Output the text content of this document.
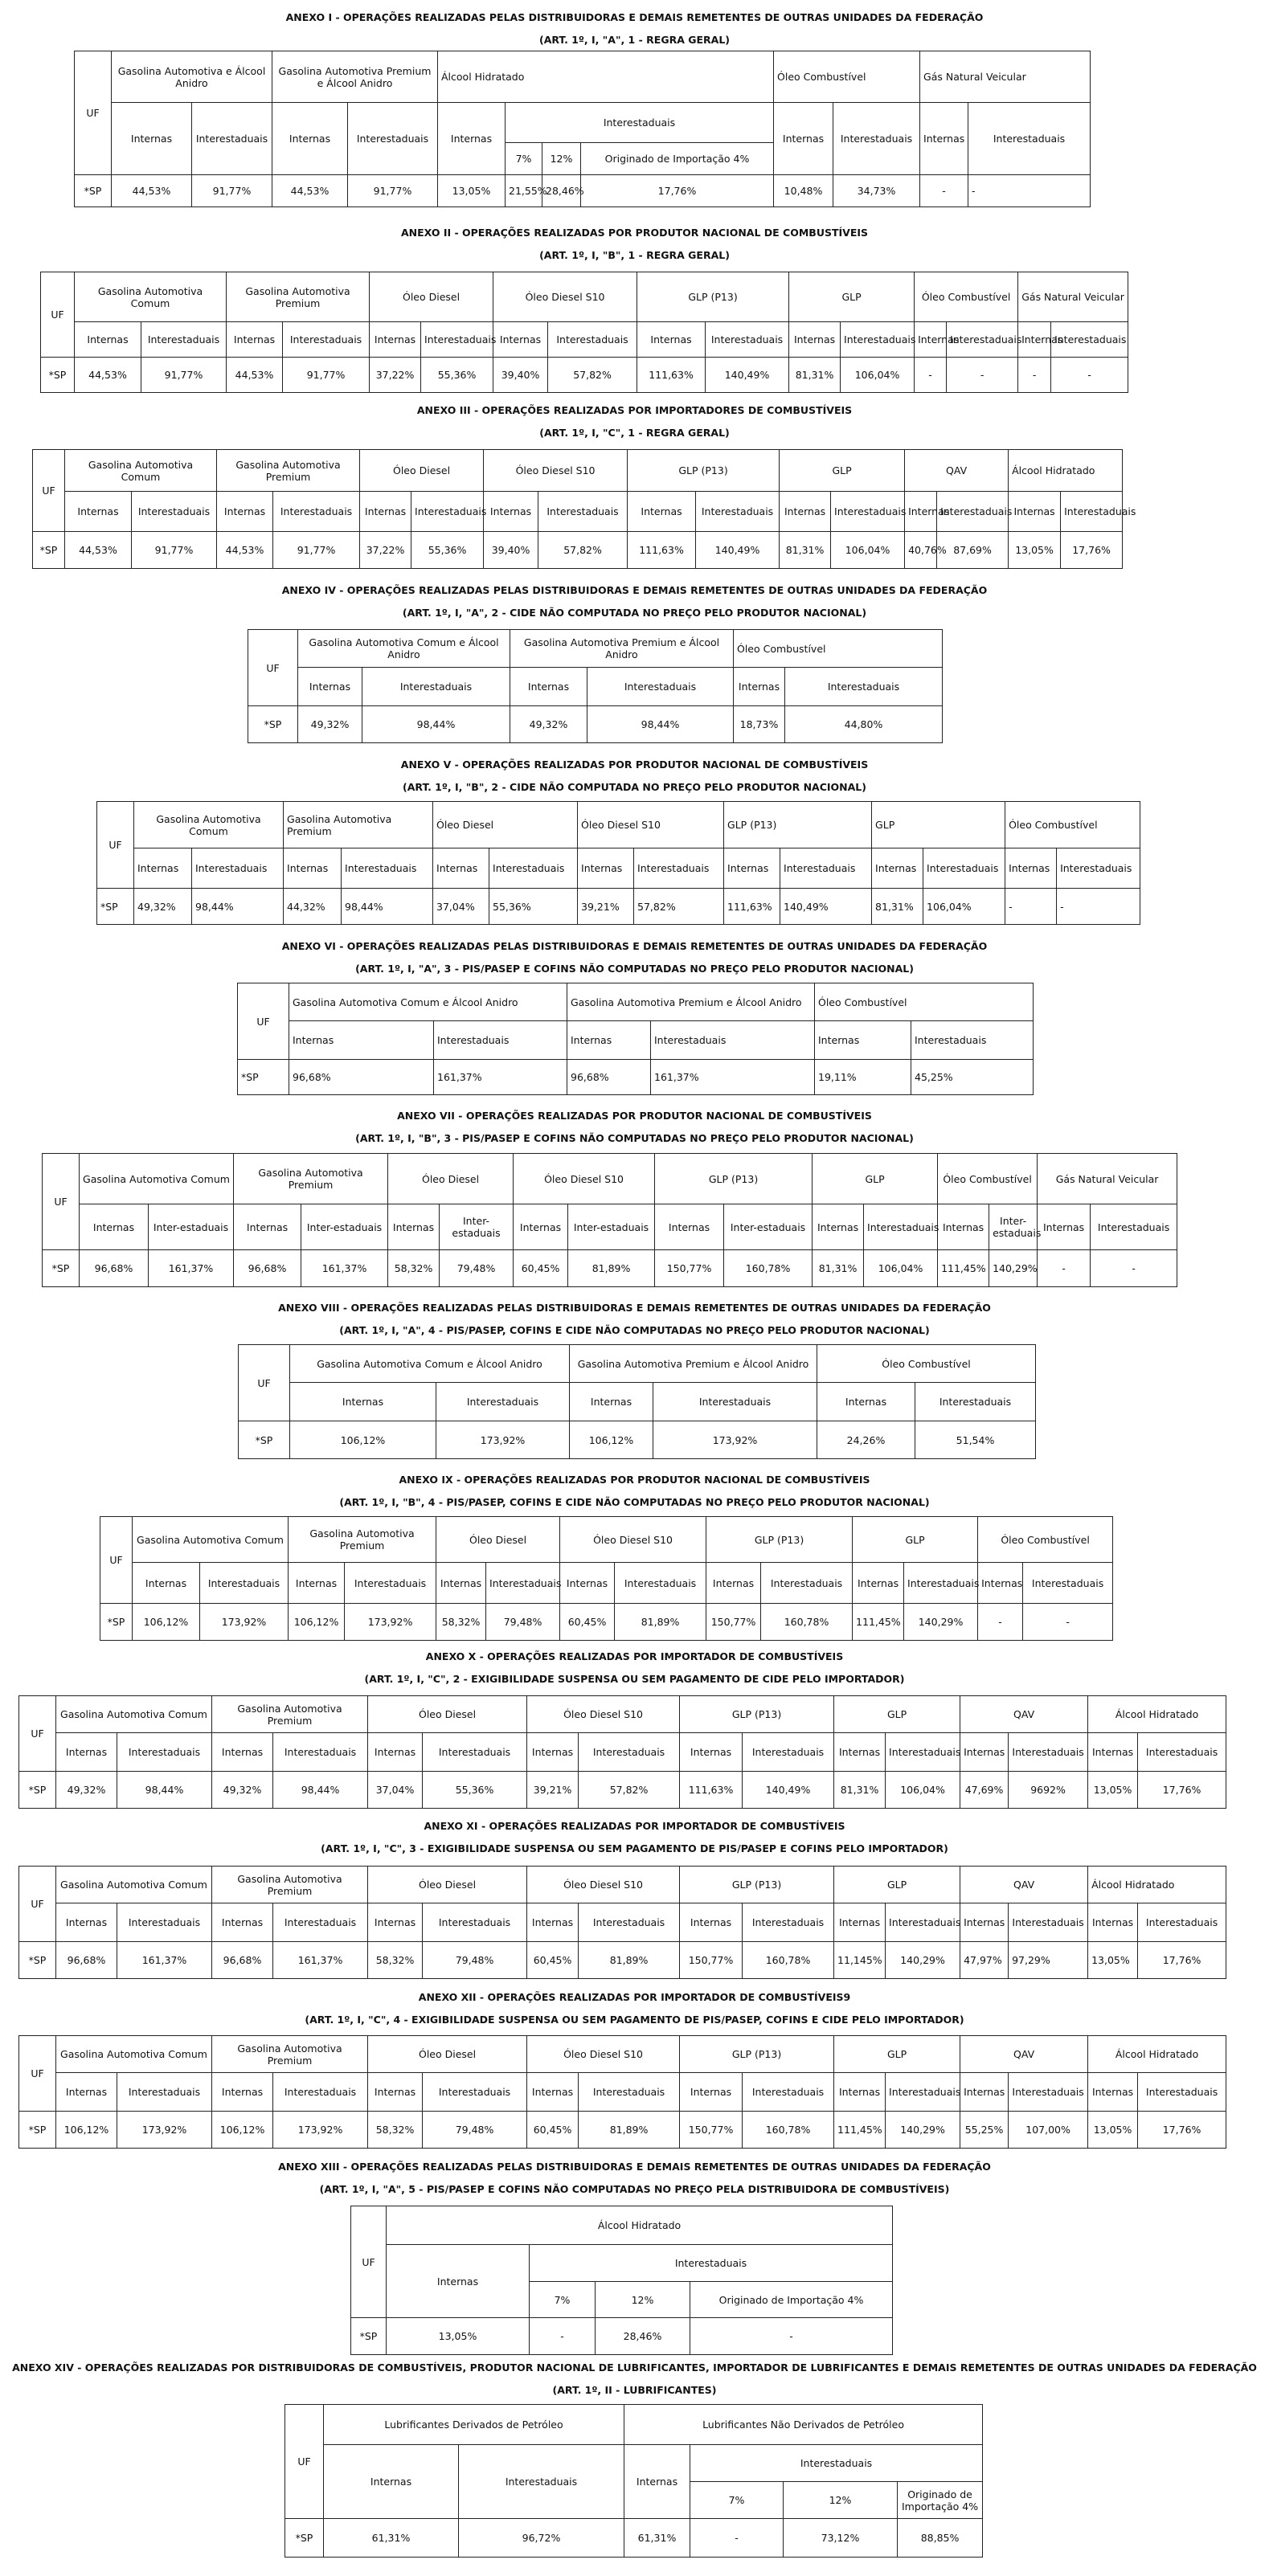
ANEXO I - OPERAÇÕES REALIZADAS PELAS DISTRIBUIDORAS E DEMAIS REMETENTES DE OUTRAS UNIDADES DA FEDERAÇÃO
(ART. 1º, I, "A", 1 - REGRA GERAL)
UF	Gasolina Automotiva e Álcool Anidro		Gasolina Automotiva Premium e Álcool Anidro		Álcool Hidratado				Óleo Combustível		Gás Natural Veicular	
	Internas	Interestaduais	Internas	Interestaduais	Internas	Interestaduais			Internas	Interestaduais	Internas	Interestaduais
						7%	12%	Originado de Importação 4%				
*SP	44,53%	91,77%	44,53%	91,77%	13,05%	21,55%	28,46%	17,76%	10,48%	34,73%	-	-
ANEXO II - OPERAÇÕES REALIZADAS POR PRODUTOR NACIONAL DE COMBUSTÍVEIS
(ART. 1º, I, "B", 1 - REGRA GERAL)
UF	Gasolina Automotiva Comum		Gasolina Automotiva Premium		Óleo Diesel		Óleo Diesel S10		GLP (P13)		GLP		Óleo Combustível		Gás Natural Veicular	
	Internas	Interestaduais	Internas	Interestaduais	Internas	Interestaduais	Internas	Interestaduais	Internas	Interestaduais	Internas	Interestaduais	Internas	Interestaduais	Internas	Interestaduais
*SP	44,53%	91,77%	44,53%	91,77%	37,22%	55,36%	39,40%	57,82%	111,63%	140,49%	81,31%	106,04%	-	-	-	-
ANEXO III - OPERAÇÕES REALIZADAS POR IMPORTADORES DE COMBUSTÍVEIS
(ART. 1º, I, "C", 1 - REGRA GERAL)
UF	Gasolina Automotiva Comum		Gasolina Automotiva Premium		Óleo Diesel		Óleo Diesel S10		GLP (P13)		GLP		QAV		Álcool Hidratado	
	Internas	Interestaduais	Internas	Interestaduais	Internas	Interestaduais	Internas	Interestaduais	Internas	Interestaduais	Internas	Interestaduais	Internas	Interestaduais	Internas	Interestaduais
*SP	44,53%	91,77%	44,53%	91,77%	37,22%	55,36%	39,40%	57,82%	111,63%	140,49%	81,31%	106,04%	40,76%	87,69%	13,05%	17,76%
ANEXO IV - OPERAÇÕES REALIZADAS PELAS DISTRIBUIDORAS E DEMAIS REMETENTES DE OUTRAS UNIDADES DA FEDERAÇÃO
(ART. 1º, I, "A", 2 - CIDE NÃO COMPUTADA NO PREÇO PELO PRODUTOR NACIONAL)
UF	Gasolina Automotiva Comum e Álcool Anidro		Gasolina Automotiva Premium e Álcool Anidro		Óleo Combustível	
	Internas	Interestaduais	Internas	Interestaduais	Internas	Interestaduais
*SP	49,32%	98,44%	49,32%	98,44%	18,73%	44,80%
ANEXO V - OPERAÇÕES REALIZADAS POR PRODUTOR NACIONAL DE COMBUSTÍVEIS
(ART. 1º, I, "B", 2 - CIDE NÃO COMPUTADA NO PREÇO PELO PRODUTOR NACIONAL)
UF	Gasolina Automotiva Comum		Gasolina Automotiva Premium		Óleo Diesel		Óleo Diesel S10		GLP (P13)		GLP		Óleo Combustível	
	Internas	Interestaduais	Internas	Interestaduais	Internas	Interestaduais	Internas	Interestaduais	Internas	Interestaduais	Internas	Interestaduais	Internas	Interestaduais
*SP	49,32%	98,44%	44,32%	98,44%	37,04%	55,36%	39,21%	57,82%	111,63%	140,49%	81,31%	106,04%	-	-
ANEXO VI - OPERAÇÕES REALIZADAS PELAS DISTRIBUIDORAS E DEMAIS REMETENTES DE OUTRAS UNIDADES DA FEDERAÇÃO
(ART. 1º, I, "A", 3 - PIS/PASEP E COFINS NÃO COMPUTADAS NO PREÇO PELO PRODUTOR NACIONAL)
UF	Gasolina Automotiva Comum e Álcool Anidro		Gasolina Automotiva Premium e Álcool Anidro		Óleo Combustível	
	Internas	Interestaduais	Internas	Interestaduais	Internas	Interestaduais
*SP	96,68%	161,37%	96,68%	161,37%	19,11%	45,25%
ANEXO VII - OPERAÇÕES REALIZADAS POR PRODUTOR NACIONAL DE COMBUSTÍVEIS
(ART. 1º, I, "B", 3 - PIS/PASEP E COFINS NÃO COMPUTADAS NO PREÇO PELO PRODUTOR NACIONAL)
UF	Gasolina Automotiva Comum		Gasolina Automotiva Premium		Óleo Diesel		Óleo Diesel S10		GLP (P13)		GLP		Óleo Combustível		Gás Natural Veicular	
	Internas	Inter-estaduais	Internas	Inter-estaduais	Internas	Inter-estaduais	Internas	Inter-estaduais	Internas	Inter-estaduais	Internas	Interestaduais	Internas	Inter-estaduais	Internas	Interestaduais
*SP	96,68%	161,37%	96,68%	161,37%	58,32%	79,48%	60,45%	81,89%	150,77%	160,78%	81,31%	106,04%	111,45%	140,29%	-	-
ANEXO VIII - OPERAÇÕES REALIZADAS PELAS DISTRIBUIDORAS E DEMAIS REMETENTES DE OUTRAS UNIDADES DA FEDERAÇÃO
(ART. 1º, I, "A", 4 - PIS/PASEP, COFINS E CIDE NÃO COMPUTADAS NO PREÇO PELO PRODUTOR NACIONAL)
UF	Gasolina Automotiva Comum e Álcool Anidro		Gasolina Automotiva Premium e Álcool Anidro		Óleo Combustível	
	Internas	Interestaduais	Internas	Interestaduais	Internas	Interestaduais
*SP	106,12%	173,92%	106,12%	173,92%	24,26%	51,54%
ANEXO IX - OPERAÇÕES REALIZADAS POR PRODUTOR NACIONAL DE COMBUSTÍVEIS
(ART. 1º, I, "B", 4 - PIS/PASEP, COFINS E CIDE NÃO COMPUTADAS NO PREÇO PELO PRODUTOR NACIONAL)
UF	Gasolina Automotiva Comum		Gasolina Automotiva Premium		Óleo Diesel		Óleo Diesel S10		GLP (P13)		GLP		Óleo Combustível	
	Internas	Interestaduais	Internas	Interestaduais	Internas	Interestaduais	Internas	Interestaduais	Internas	Interestaduais	Internas	Interestaduais	Internas	Interestaduais
*SP	106,12%	173,92%	106,12%	173,92%	58,32%	79,48%	60,45%	81,89%	150,77%	160,78%	111,45%	140,29%	-	-
ANEXO X - OPERAÇÕES REALIZADAS POR IMPORTADOR DE COMBUSTÍVEIS
(ART. 1º, I, "C", 2 - EXIGIBILIDADE SUSPENSA OU SEM PAGAMENTO DE CIDE PELO IMPORTADOR)
UF	Gasolina Automotiva Comum		Gasolina Automotiva Premium		Óleo Diesel		Óleo Diesel S10		GLP (P13)		GLP		QAV		Álcool Hidratado	
	Internas	Interestaduais	Internas	Interestaduais	Internas	Interestaduais	Internas	Interestaduais	Internas	Interestaduais	Internas	Interestaduais	Internas	Interestaduais	Internas	Interestaduais
*SP	49,32%	98,44%	49,32%	98,44%	37,04%	55,36%	39,21%	57,82%	111,63%	140,49%	81,31%	106,04%	47,69%	9692%	13,05%	17,76%
ANEXO XI - OPERAÇÕES REALIZADAS POR IMPORTADOR DE COMBUSTÍVEIS
(ART. 1º, I, "C", 3 - EXIGIBILIDADE SUSPENSA OU SEM PAGAMENTO DE PIS/PASEP E COFINS PELO IMPORTADOR)
UF	Gasolina Automotiva Comum		Gasolina Automotiva Premium		Óleo Diesel		Óleo Diesel S10		GLP (P13)		GLP		QAV		Álcool Hidratado	
	Internas	Interestaduais	Internas	Interestaduais	Internas	Interestaduais	Internas	Interestaduais	Internas	Interestaduais	Internas	Interestaduais	Internas	Interestaduais	Internas	Interestaduais
*SP	96,68%	161,37%	96,68%	161,37%	58,32%	79,48%	60,45%	81,89%	150,77%	160,78%	11,145%	140,29%	47,97%	97,29%	13,05%	17,76%
ANEXO XII - OPERAÇÕES REALIZADAS POR IMPORTADOR DE COMBUSTÍVEIS9
(ART. 1º, I, "C", 4 - EXIGIBILIDADE SUSPENSA OU SEM PAGAMENTO DE PIS/PASEP, COFINS E CIDE PELO IMPORTADOR)
UF	Gasolina Automotiva Comum		Gasolina Automotiva Premium		Óleo Diesel		Óleo Diesel S10		GLP (P13)		GLP		QAV		Álcool Hidratado	
	Internas	Interestaduais	Internas	Interestaduais	Internas	Interestaduais	Internas	Interestaduais	Internas	Interestaduais	Internas	Interestaduais	Internas	Interestaduais	Internas	Interestaduais
*SP	106,12%	173,92%	106,12%	173,92%	58,32%	79,48%	60,45%	81,89%	150,77%	160,78%	111,45%	140,29%	55,25%	107,00%	13,05%	17,76%
ANEXO XIII - OPERAÇÕES REALIZADAS PELAS DISTRIBUIDORAS E DEMAIS REMETENTES DE OUTRAS UNIDADES DA FEDERAÇÃO
(ART. 1º, I, "A", 5 - PIS/PASEP E COFINS NÃO COMPUTADAS NO PREÇO PELA DISTRIBUIDORA DE COMBUSTÍVEIS)
UF	Álcool Hidratado			
	Internas	Interestaduais		
		7%	12%	Originado de Importação 4%
*SP	13,05%	-	28,46%	-
ANEXO XIV - OPERAÇÕES REALIZADAS POR DISTRIBUIDORAS DE COMBUSTÍVEIS, PRODUTOR NACIONAL DE LUBRIFICANTES, IMPORTADOR DE LUBRIFICANTES E DEMAIS REMETENTES DE OUTRAS UNIDADES DA FEDERAÇÃO
(ART. 1º, II - LUBRIFICANTES)
UF	Lubrificantes Derivados de Petróleo		Lubrificantes Não Derivados de Petróleo			
	Internas	Interestaduais	Internas	Interestaduais		
				7%	12%	Originado de Importação 4%
*SP	61,31%	96,72%	61,31%	-	73,12%	88,85%
